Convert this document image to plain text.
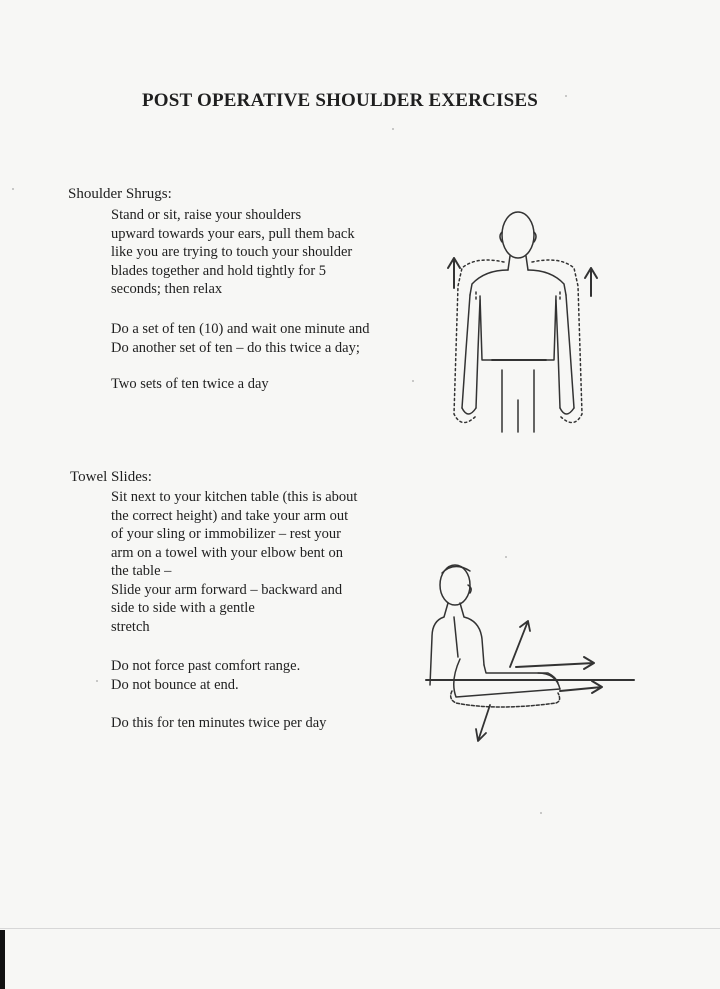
POST OPERATIVE SHOULDER EXERCISES
Shoulder Shrugs:
Stand or sit, raise your shoulders
upward towards your ears, pull them back
like you are trying to touch your shoulder
blades together and hold tightly for 5
seconds; then relax
Do a set of ten (10) and wait one minute and
Do another set of ten – do this twice a day;
Two sets of ten twice a day
Towel Slides:
Sit next to your kitchen table (this is about
the correct height) and take your arm out
of your sling or immobilizer – rest your
arm on a towel with your elbow bent on
the table –
Slide your arm forward – backward and
side to side with a gentle
stretch
Do not force past comfort range.
Do not bounce at end.
Do this for ten minutes twice per day
